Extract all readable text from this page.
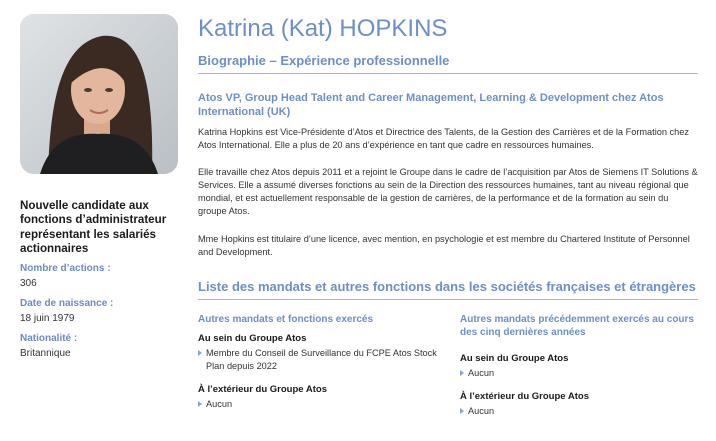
Nouvelle candidate aux fonctions d’administrateur représentant les salariés actionnaires
Nombre d’actions :
306
Date de naissance :
18 juin 1979
Nationalité :
Britannique
Katrina (Kat) HOPKINS
Biographie – Expérience professionnelle
Atos VP, Group Head Talent and Career Management, Learning & Development chez Atos International (UK)
Katrina Hopkins est Vice-Présidente d’Atos et Directrice des Talents, de la Gestion des Carrières et de la Formation chez Atos International. Elle a plus de 20 ans d’expérience en tant que cadre en ressources humaines.
Elle travaille chez Atos depuis 2011 et a rejoint le Groupe dans le cadre de l’acquisition par Atos de Siemens IT Solutions & Services. Elle a assumé diverses fonctions au sein de la Direction des ressources humaines, tant au niveau régional que mondial, et est actuellement responsable de la gestion de carrières, de la performance et de la formation au sein du groupe Atos.
Mme Hopkins est titulaire d’une licence, avec mention, en psychologie et est membre du Chartered Institute of Personnel and Development.
Liste des mandats et autres fonctions dans les sociétés françaises et étrangères
Autres mandats et fonctions exercés
Au sein du Groupe Atos
Membre du Conseil de Surveillance du FCPE Atos Stock Plan depuis 2022
À l’extérieur du Groupe Atos
Aucun
Autres mandats précédemment exercés au cours des cinq dernières années
Au sein du Groupe Atos
Aucun
À l’extérieur du Groupe Atos
Aucun
